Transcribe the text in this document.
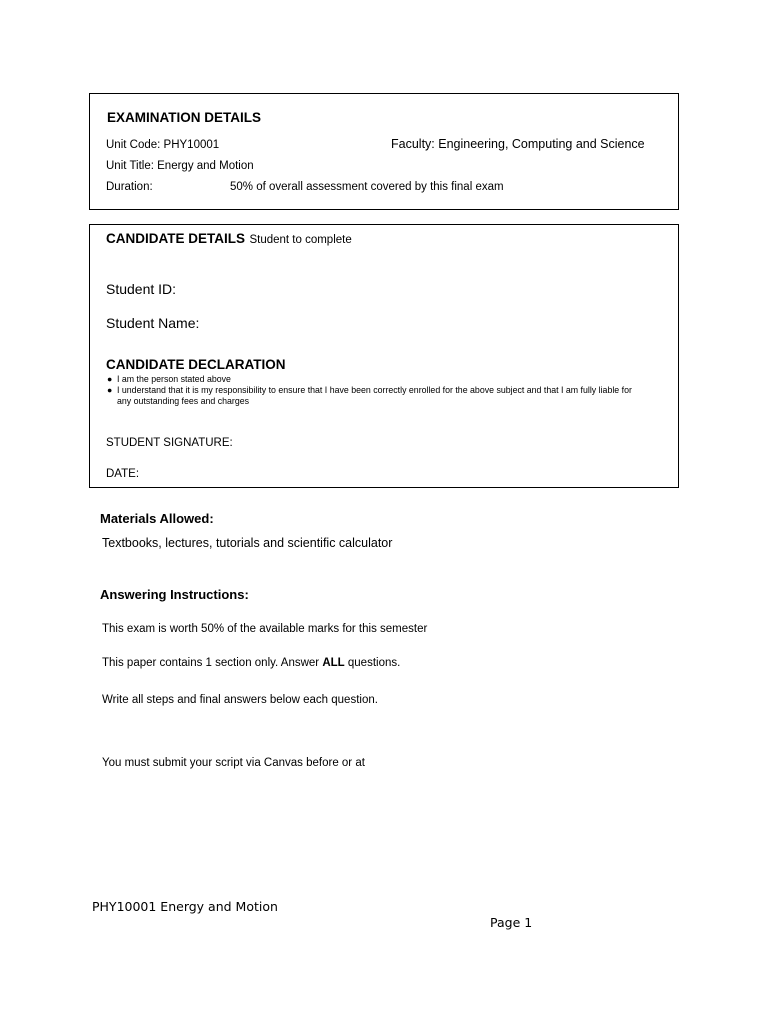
EXAMINATION DETAILS
Unit Code: PHY10001	Faculty: Engineering, Computing and Science
Unit Title: Energy and Motion
Duration:	50% of overall assessment covered by this final exam
CANDIDATE DETAILS Student to complete
Student ID:
Student Name:
CANDIDATE DECLARATION
● I am the person stated above
● I understand that it is my responsibility to ensure that I have been correctly enrolled for the above subject and that I am fully liable for
any outstanding fees and charges
STUDENT SIGNATURE:
DATE:
Materials Allowed:
Textbooks, lectures, tutorials and scientific calculator
Answering Instructions:
This exam is worth 50% of the available marks for this semester
This paper contains 1 section only. Answer ALL questions.
Write all steps and final answers below each question.
You must submit your script via Canvas before or at
PHY10001 Energy and Motion
Page 1
